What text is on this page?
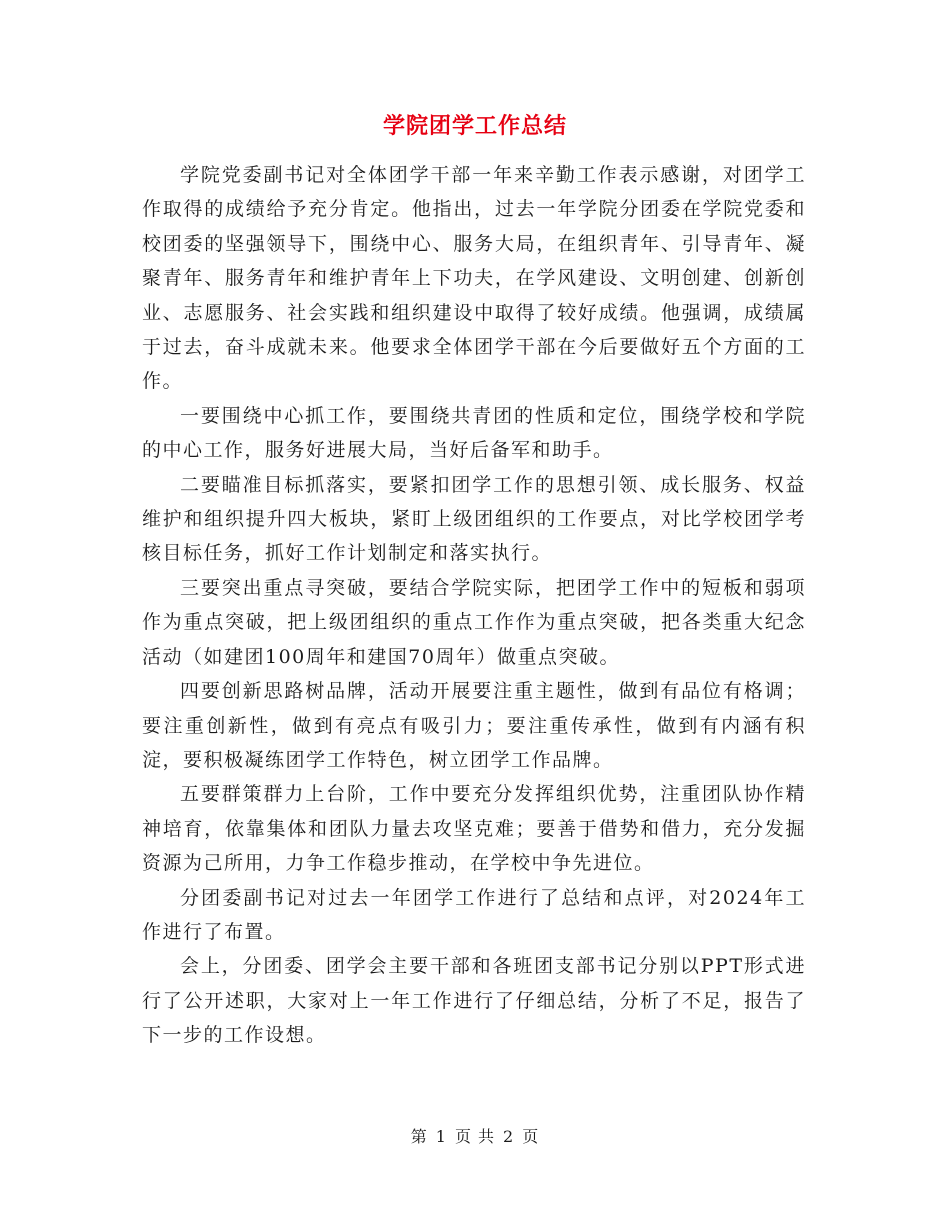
学院团学工作总结

学院党委副书记对全体团学干部一年来辛勤工作表示感谢，对团学工作取得的成绩给予充分肯定。他指出，过去一年学院分团委在学院党委和校团委的坚强领导下，围绕中心、服务大局，在组织青年、引导青年、凝聚青年、服务青年和维护青年上下功夫，在学风建设、文明创建、创新创业、志愿服务、社会实践和组织建设中取得了较好成绩。他强调，成绩属于过去，奋斗成就未来。他要求全体团学干部在今后要做好五个方面的工作。

一要围绕中心抓工作，要围绕共青团的性质和定位，围绕学校和学院的中心工作，服务好进展大局，当好后备军和助手。

二要瞄准目标抓落实，要紧扣团学工作的思想引领、成长服务、权益维护和组织提升四大板块，紧盯上级团组织的工作要点，对比学校团学考核目标任务，抓好工作计划制定和落实执行。

三要突出重点寻突破，要结合学院实际，把团学工作中的短板和弱项作为重点突破，把上级团组织的重点工作作为重点突破，把各类重大纪念活动（如建团100周年和建国70周年）做重点突破。

四要创新思路树品牌，活动开展要注重主题性，做到有品位有格调；要注重创新性，做到有亮点有吸引力；要注重传承性，做到有内涵有积淀，要积极凝练团学工作特色，树立团学工作品牌。

五要群策群力上台阶，工作中要充分发挥组织优势，注重团队协作精神培育，依靠集体和团队力量去攻坚克难；要善于借势和借力，充分发掘资源为己所用，力争工作稳步推动，在学校中争先进位。

分团委副书记对过去一年团学工作进行了总结和点评，对2024年工作进行了布置。

会上，分团委、团学会主要干部和各班团支部书记分别以PPT形式进行了公开述职，大家对上一年工作进行了仔细总结，分析了不足，报告了下一步的工作设想。

第 1 页 共 2 页
